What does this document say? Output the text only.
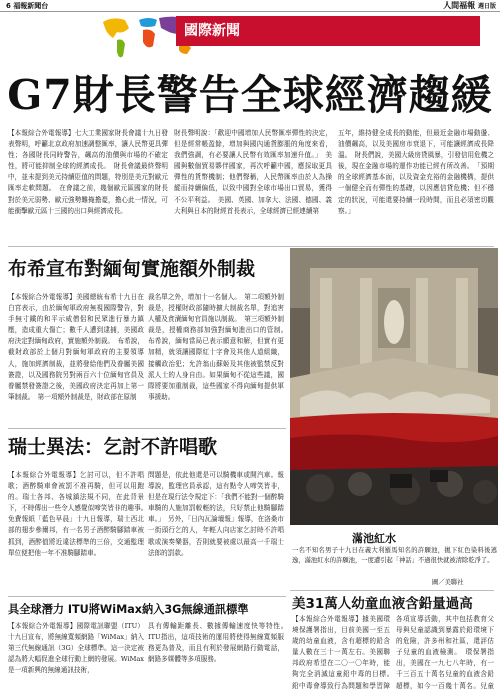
6 福報新聞台	人間福報 週日版
國際新聞
G7財長警告全球經濟趨緩
【本報綜合外電報導】七大工業國家財長會議十九日發表聲明，呼籲北京政府加速調整匯率，讓人民幣更具彈性；各國財長同時警告，飆高的油價與市場的不確定性，將可能抑制全球的經濟成長。　財長會議最終聲明中，並未提到美元持續貶值的問題，特別是美元對歐元匯率走軟問題。　在會議之前，幾個歐元區國家的財長對於美元弱勢、歐元強勢難掩擔憂，擔心此一情況，可能衝擊歐元區十三國的出口與經濟成長。
財長聲明說：「歡迎中國增加人民幣匯率彈性的決定，但是經常帳盈餘，增加與國內通貨膨脹的角度來看，我們強調，有必要讓人民幣有效匯率加速升值。」　美國與數個貿易夥伴國家，再次呼籲中國，應採取更具彈性的貨幣機制；他們聲稱，人民幣匯率由於人為操縱而持續偏低，以致中國對全球市場出口貿易，獲得不公平利益。　美國、英國、加拿大、法國、德國、義大利與日本的財經首長表示，全球經濟已經連續第
五年，維持健全成長的動能，但最近金融市場動盪、油價飆高，以及美國房市衰退下，可能讓經濟成長降溫。　財長們說，美國大級房貸風暴，引發信用危機之後，現在金融市場的運作功能已經有所改善。　「預期的全球經濟基本面，以及資金充裕的金融機構，提供一個健全而有彈性的基礎，以因應信貸危機；但不穩定的狀況，可能還要持續一段時間，而且必須密切觀察。」
布希宣布對緬甸實施額外制裁
【本報綜合外電報導】美國總統布希十九日在白宮表示，由於緬甸軍政府無視國際警告，對手無寸鐵的和平示威僧侶和民眾進行暴力鎮壓，造成重大傷亡；數千人遭到逮捕，美國政府決定對緬甸政府，實施額外制裁。　布希說，截財政部於上個月對緬甸軍政府的主要領導人，施加經濟制裁，並將發給他們及眷屬美國簽證，以及國務院另對兩百六十位緬甸官員及眷屬禁發簽證之後，美國政府決定再加上第一筆制裁。　第一項額外制裁是，財政部在原制
裁名單之外，增加十一名個人。　第二項額外制裁是，授權財政部隨時擴大制裁名單，對追害人權及貪瀆緬甸官員施以制裁。　第三項額外制裁是，授權商務部加強對緬甸進出口的管制。　布希說，緬甸當局已表示願意和解，但實有更加精，就須讓國際紅十字會及其他人道組織，接觸政治犯；允許翁山蘇姬及其他被監禁反對派人士的人身自由。如果緬甸不從這些議，國際將要加重制裁，這些國家不得向緬甸提供軍事援助。
瑞士異法：乞討不許唱歌
【本報綜合外電報導】乞討可以，但不許唱歌；酒醉騎車會被罰不准再騎，但可以用跑的。瑞士各邦、各城鎮法規不同，在此背景下，不時傳出一些令人感覺似啼笑皆非的趣事。　免費報紙「藍色早晨」十九日報導，瑞士西北部的翅步參爾邦，有一名男子酒醉騎腳踏車被抓到，酒醉值將近違法標準的三倍，交通監理單位便把他一年不准騎腳踏車。
問題是，依此他還是可以騎機車或開汽車。報導說，監理官員承認，這有點令人啼笑皆非，但是在現行法令規定下：「我們不能對一個醉騎車騎的人施加罰較輕的法，只好禁止他騎腳踏車。」　另外，「日內瓦論壇報」報導，在洛桑市一街頭行乞的人，年輕人向店家乞討時不許唱歌或演奏樂器，否則就要被處以最高一千瑞士法郎的罰款。
具全球潛力 ITU將WiMax納入3G無線通訊標準
【本報綜合外電報導】國際電訊聯盟（ITU）十九日宣布，將無線寬頻網路「WiMax」納入第三代無線通訊（3G）全球標準。這一決定被認為將大幅促進全球行動上網的發展。WiMax是一項新興的無線通訊技術，
具有傳輸距離長、數據傳輸速度快等特性。　ITU指出，這項技術的運用將使得無線寬頻服務更為普及，而且有利於發展網路行動電話，網路多媒體等多項服務。
滿池紅水
一名不知名男子十九日在義大利羅馬知名的許願池，拋下紅色染料後逃逸，滿池紅水的許願池，一度遭引起「神話」不過很快就被清除乾淨了。
圖／美聯社
美31萬人幼童血液含鉛量過高
【本報綜合外電報導】據美國環境保護署指出，目前美國一至五歲的幼童血液，含有超標的鉛含量人數在三十一萬左右。美國聯邦政府希望在二〇一〇年時，能夠完全消滅這童鉛中毒的目標。　鉛中毒會導致行為問題和學習障
各項宣導活動，其中包括教育父母與兒童認識到暴露於鉛環境下的危險，許多州和社區，還評估子兒童的血液檢測。　環保署指出，美國在一九七八年時，有一千三百五十萬名兒童的血液含鉛超標，如今一百幾十萬名。兒童　
